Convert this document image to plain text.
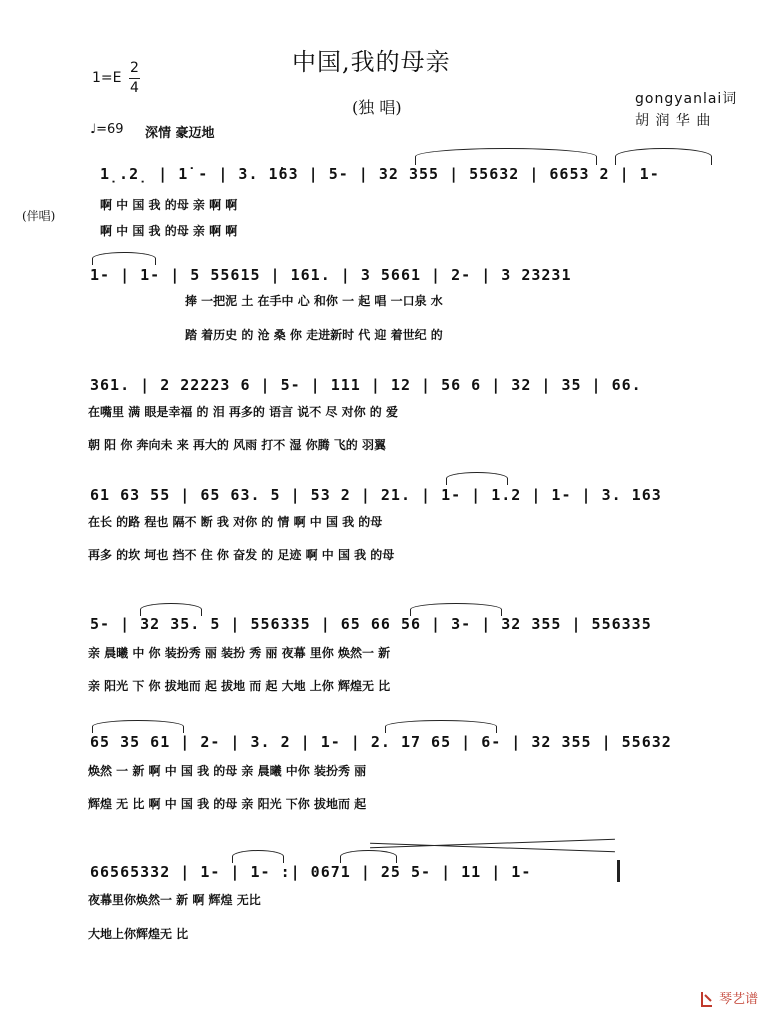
中国,我的母亲
(独 唱)
1=E
2
4
gongyanlai词
胡 润 华 曲
♩=69 深情 豪迈地
(伴唱)
1̣.2̣ | 1̇ - | 3. 1̇63 | 5- | 32 355 | 55632 | 6653 2 | 1-
啊 中 国 我 的母 亲 啊 啊
啊 中 国 我 的母 亲 啊 啊
1- | 1- | 5 55615 | 161. | 3 5661 | 2- | 3 23231
捧 一把泥 土 在手中 心 和你 一 起 唱 一口泉 水
踏 着历史 的 沧 桑 你 走进新时 代 迎 着世纪 的
361. | 2 22223 6 | 5- | 111 | 12 | 56 6 | 32 | 35 | 66.
在嘴里 满 眼是幸福 的 泪 再多的 语言 说不 尽 对你 的 爱
朝 阳 你 奔向未 来 再大的 风雨 打不 湿 你腾 飞的 羽翼
61 63 55 | 65 63. 5 | 53 2 | 21. | 1- | 1.2 | 1- | 3. 163
在长 的路 程也 隔不 断 我 对你 的 情 啊 中 国 我 的母
再多 的坎 坷也 挡不 住 你 奋发 的 足迹 啊 中 国 我 的母
5- | 32 35. 5 | 556335 | 65 66 56 | 3- | 32 355 | 556335
亲 晨曦 中 你 装扮秀 丽 装扮 秀 丽 夜幕 里你 焕然一 新
亲 阳光 下 你 拔地而 起 拔地 而 起 大地 上你 辉煌无 比
65 35 61 | 2- | 3. 2 | 1- | 2. 17 65 | 6- | 32 355 | 55632
焕然 一 新 啊 中 国 我 的母 亲 晨曦 中你 装扮秀 丽
辉煌 无 比 啊 中 国 我 的母 亲 阳光 下你 拔地而 起
66565332 | 1- | 1- :| 0671 | 25 5- | 11 | 1-
夜幕里你焕然一 新 啊 辉煌 无比
大地上你辉煌无 比
琴艺谱
